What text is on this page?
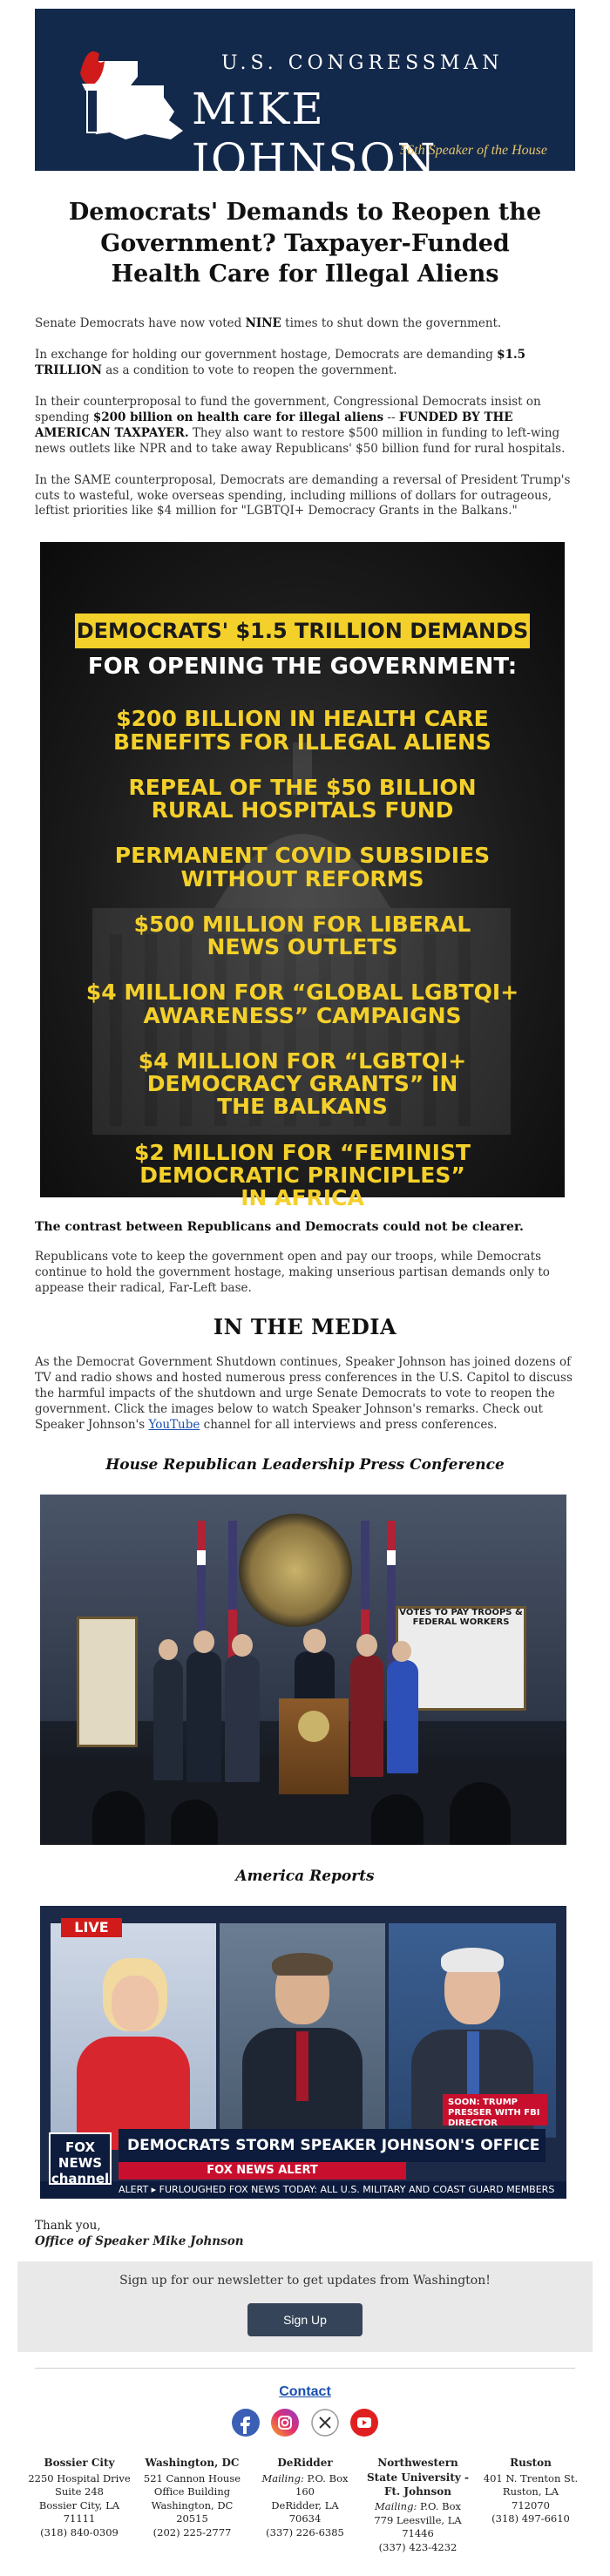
U.S. CONGRESSMAN
MIKE JOHNSON
56th Speaker of the House
Democrats' Demands to Reopen the Government? Taxpayer-Funded Health Care for Illegal Aliens

Senate Democrats have now voted NINE times to shut down the government.

In exchange for holding our government hostage, Democrats are demanding $1.5 TRILLION as a condition to vote to reopen the government.

In their counterproposal to fund the government, Congressional Democrats insist on spending $200 billion on health care for illegal aliens -- FUNDED BY THE AMERICAN TAXPAYER. They also want to restore $500 million in funding to left-wing news outlets like NPR and to take away Republicans' $50 billion fund for rural hospitals.

In the SAME counterproposal, Democrats are demanding a reversal of President Trump's cuts to wasteful, woke overseas spending, including millions of dollars for outrageous, leftist priorities like $4 million for "LGBTQI+ Democracy Grants in the Balkans."

DEMOCRATS' $1.5 TRILLION DEMANDS
FOR OPENING THE GOVERNMENT:
$200 BILLION IN HEALTH CARE
BENEFITS FOR ILLEGAL ALIENS
REPEAL OF THE $50 BILLION
RURAL HOSPITALS FUND
PERMANENT COVID SUBSIDIES
WITHOUT REFORMS
$500 MILLION FOR LIBERAL
NEWS OUTLETS
$4 MILLION FOR “GLOBAL LGBTQI+
AWARENESS” CAMPAIGNS
$4 MILLION FOR “LGBTQI+
DEMOCRACY GRANTS” IN
THE BALKANS
$2 MILLION FOR “FEMINIST
DEMOCRATIC PRINCIPLES”
IN AFRICA
The contrast between Republicans and Democrats could not be clearer.
Republicans vote to keep the government open and pay our troops, while Democrats continue to hold the government hostage, making unserious partisan demands only to appease their radical, Far-Left base.
IN THE MEDIA

As the Democrat Government Shutdown continues, Speaker Johnson has joined dozens of TV and radio shows and hosted numerous press conferences in the U.S. Capitol to discuss the harmful impacts of the shutdown and urge Senate Democrats to vote to reopen the government. Click the images below to watch Speaker Johnson's remarks. Check out Speaker Johnson's YouTube channel for all interviews and press conferences.

House Republican Leadership Press Conference
VOTES TO PAY TROOPS & FEDERAL WORKERS
America Reports
LIVE
SOON: TRUMP PRESSER WITH FBI DIRECTOR
DEMOCRATS STORM SPEAKER JOHNSON'S OFFICE
FOX NEWS ALERT
ALERT ▸ FURLOUGHED FOX NEWS TODAY: ALL U.S. MILITARY AND COAST GUARD MEMBERS
FOX NEWS channel
Thank you,
Office of Speaker Mike Johnson
Sign up for our newsletter to get updates from Washington!
Sign Up
Contact

Bossier City
2250 Hospital Drive
Suite 248
Bossier City, LA
71111
(318) 840-0309
Washington, DC
521 Cannon House
Office Building
Washington, DC
20515
(202) 225-2777
DeRidder
Mailing: P.O. Box
160
DeRidder, LA
70634
(337) 226-6385
Northwestern State University - Ft. Johnson
Mailing: P.O. Box
779 Leesville, LA
71446
(337) 423-4232
Ruston
401 N. Trenton St.
Ruston, LA
712070
(318) 497-6610
